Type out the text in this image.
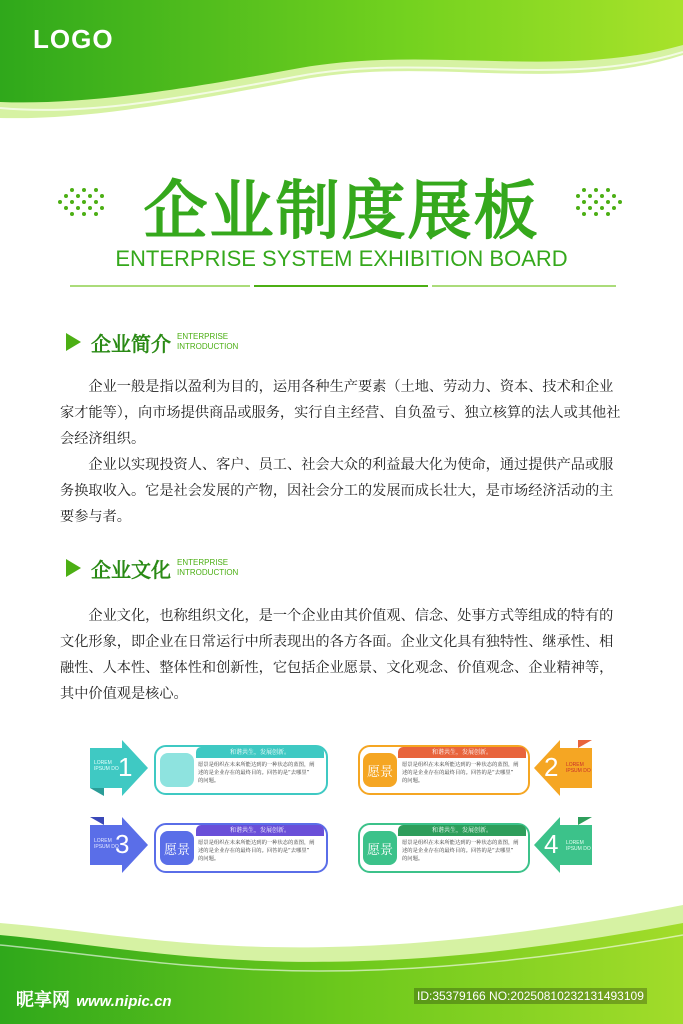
LOGO
企业制度展板
ENTERPRISE SYSTEM EXHIBITION BOARD
企业简介 ENTERPRISE
INTRODUCTION

企业一般是指以盈利为目的，运用各种生产要素（土地、劳动力、资本、技术和企业家才能等），向市场提供商品或服务，实行自主经营、自负盈亏、独立核算的法人或其他社会经济组织。

企业以实现投资人、客户、员工、社会大众的利益最大化为使命，通过提供产品或服务换取收入。它是社会发展的产物，因社会分工的发展而成长壮大，是市场经济活动的主要参与者。

企业文化 ENTERPRISE
INTRODUCTION

企业文化，也称组织文化，是一个企业由其价值观、信念、处事方式等组成的特有的文化形象，即企业在日常运行中所表现出的各方各面。企业文化具有独特性、继承性、相融性、人本性、整体性和创新性，它包括企业愿景、文化观念、价值观念、企业精神等，其中价值观是核心。

1
LOREM
IPSUM DO
和谐共生，发展创新。
愿景是组织在未来所能达到的一种状态的蓝图，阐
述的是企业存在的最终目的。回答的是“去哪里”
的问题。
和谐共生，发展创新。
愿景	愿景是组织在未来所能达到的一种状态的蓝图，阐
述的是企业存在的最终目的。回答的是“去哪里”
的问题。	2 LOREM
IPSUM DO
3
LOREM
IPSUM DO
和谐共生，发展创新。
愿景	愿景是组织在未来所能达到的一种状态的蓝图，阐
述的是企业存在的最终目的。回答的是“去哪里”
的问题。
和谐共生，发展创新。
愿景	愿景是组织在未来所能达到的一种状态的蓝图，阐
述的是企业存在的最终目的。回答的是“去哪里”
的问题。	4 LOREM
IPSUM DO
昵享网 www.nipic.cn	ID:35379166 NO:20250810232131493109
